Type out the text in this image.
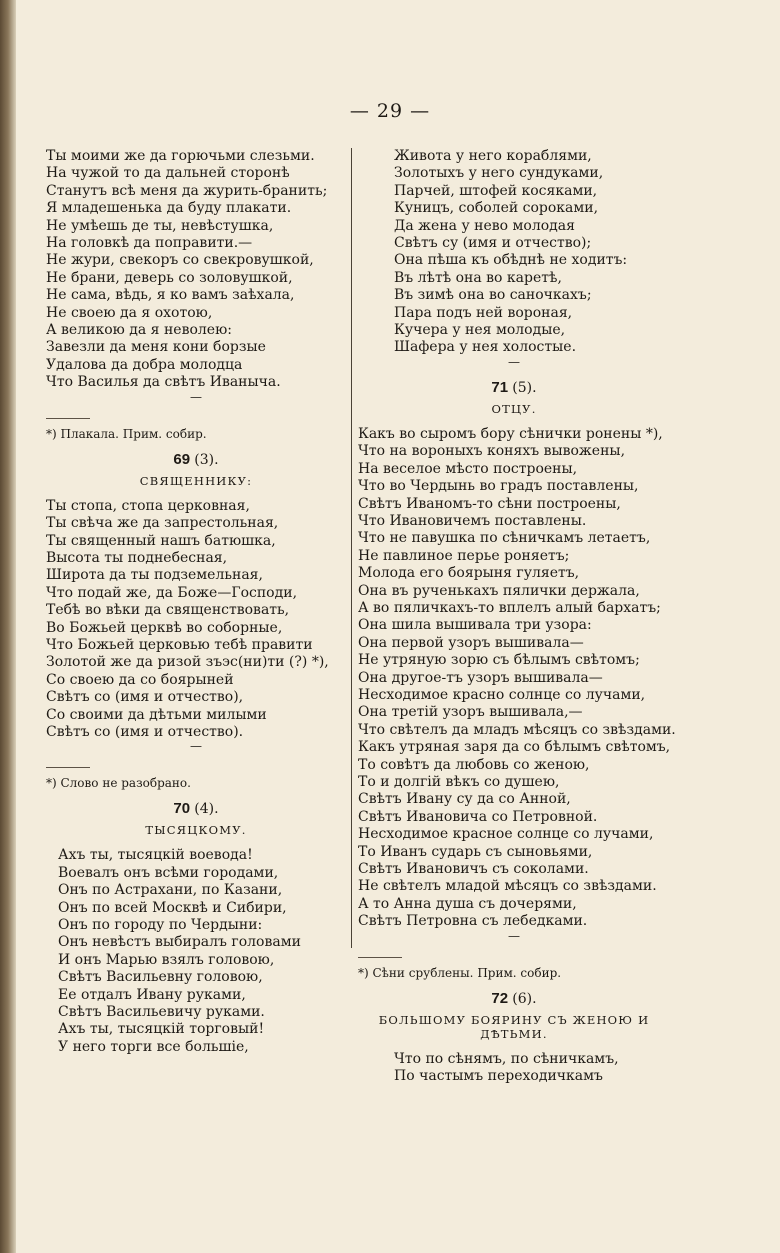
— 29 —
Ты моими же да горючьми слезьми.
На чужой то да дальней сторонѣ
Станутъ всѣ меня да журить-бранить;
Я младешенька да буду плакати.
Не умѣешь де ты, невѣстушка,
На головкѣ да поправити.—
Не жури, свекоръ со свекровушкой,
Не брани, деверь со золовушкой,
Не сама, вѣдь, я ко вамъ заѣхала,
Не своею да я охотою,
А великою да я неволею:
Завезли да меня кони борзые
Удалова да добра молодца
Что Василья да свѣтъ Иваныча.
—
*) Плакала. Прим. собир.
69 (3).
СВЯЩЕННИКУ:
Ты стопа, стопа церковная,
Ты свѣча же да запрестольная,
Ты священный нашъ батюшка,
Высота ты поднебесная,
Широта да ты подземельная,
Что подай же, да Боже—Господи,
Тебѣ во вѣки да священствовать,
Во Божьей церквѣ во соборные,
Что Божьей церковью тебѣ правити
Золотой же да ризой зъэс(ни)ти (?) *),
Со своею да со боярыней
Свѣтъ со (имя и отчество),
Со своими да дѣтьми милыми
Свѣтъ со (имя и отчество).
—
*) Слово не разобрано.
70 (4).
ТЫСЯЦКОМУ.
Ахъ ты, тысяцкій воевода!
Воевалъ онъ всѣми городами,
Онъ по Астрахани, по Казани,
Онъ по всей Москвѣ и Сибири,
Онъ по городу по Чердыни:
Онъ невѣстъ выбиралъ головами
И онъ Марью взялъ головою,
Свѣтъ Васильевну головою,
Ее отдалъ Ивану руками,
Свѣтъ Васильевичу руками.
Ахъ ты, тысяцкій торговый!
У него торги все большіе,
Живота у него кораблями,
Золотыхъ у него сундуками,
Парчей, штофей косяками,
Куницъ, соболей сороками,
Да жена у нево молодая
Свѣтъ су (имя и отчество);
Она пѣша къ обѣднѣ не ходитъ:
Въ лѣтѣ она во каретѣ,
Въ зимѣ она во саночкахъ;
Пара подъ ней вороная,
Кучера у нея молодые,
Шафера у нея холостые.
—
71 (5).
ОТЦУ.
Какъ во сыромъ бору сѣнички ронены *),
Что на вороныхъ коняхъ вывожены,
На веселое мѣсто построены,
Что во Чердынь во градъ поставлены,
Свѣтъ Иваномъ-то сѣни построены,
Что Ивановичемъ поставлены.
Что не павушка по сѣничкамъ летаетъ,
Не павлиное перье роняетъ;
Молода его боярыня гуляетъ,
Она въ рученькахъ пялички держала,
А во пяличкахъ-то вплелъ алый бархатъ;
Она шила вышивала три узора:
Она первой узоръ вышивала—
Не утряную зорю съ бѣлымъ свѣтомъ;
Она другое-тъ узоръ вышивала—
Несходимое красно солнце со лучами,
Она третій узоръ вышивала,—
Что свѣтелъ да младъ мѣсяцъ со звѣздами.
Какъ утряная заря да со бѣлымъ свѣтомъ,
То совѣтъ да любовь со женою,
То и долгій вѣкъ со душею,
Свѣтъ Ивану су да со Анной,
Свѣтъ Ивановича со Петровной.
Несходимое красное солнце со лучами,
То Иванъ сударь съ сыновьями,
Свѣтъ Ивановичъ съ соколами.
Не свѣтелъ младой мѣсяцъ со звѣздами.
А то Анна душа съ дочерями,
Свѣтъ Петровна съ лебедками.
—
*) Сѣни срублены. Прим. собир.
72 (6).
БОЛЬШОМУ БОЯРИНУ СЪ ЖЕНОЮ И ДѢТЬМИ.
Что по сѣнямъ, по сѣничкамъ,
По частымъ переходичкамъ
